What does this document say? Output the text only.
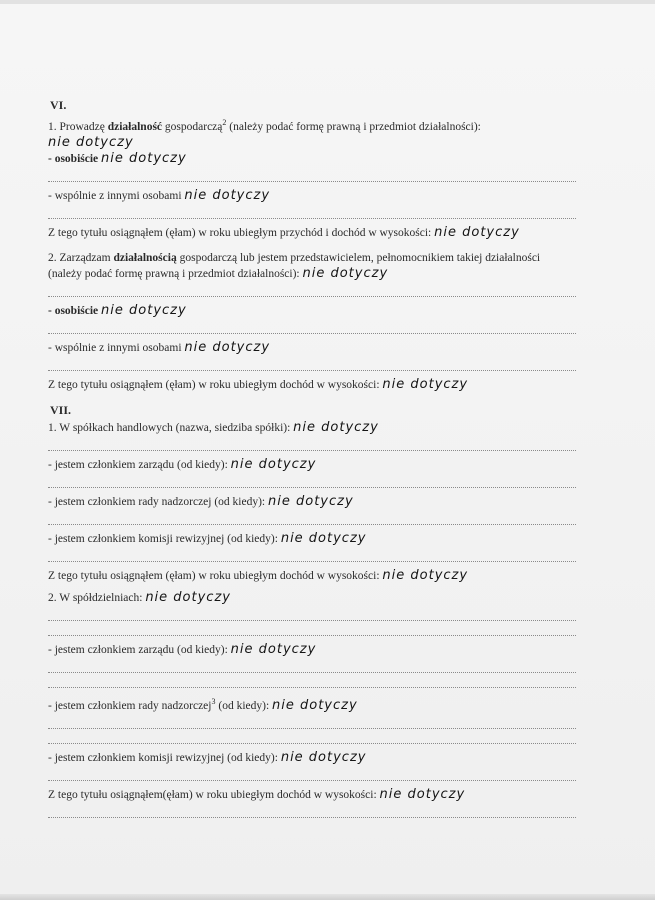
VI.
1. Prowadzę działalność gospodarczą$^2$ (należy podać formę prawną i przedmiot działalności):
nie dotyczy
- osobiście nie dotyczy
- wspólnie z innymi osobami nie dotyczy
Z tego tytułu osiągnąłem (ęłam) w roku ubiegłym przychód i dochód w wysokości: nie dotyczy
2. Zarządzam działalnością gospodarczą lub jestem przedstawicielem, pełnomocnikiem takiej działalności
(należy podać formę prawną i przedmiot działalności): nie dotyczy
- osobiście nie dotyczy
- wspólnie z innymi osobami nie dotyczy
Z tego tytułu osiągnąłem (ęłam) w roku ubiegłym dochód w wysokości: nie dotyczy
VII.
1. W spółkach handlowych (nazwa, siedziba spółki): nie dotyczy
- jestem członkiem zarządu (od kiedy): nie dotyczy
- jestem członkiem rady nadzorczej (od kiedy): nie dotyczy
- jestem członkiem komisji rewizyjnej (od kiedy): nie dotyczy
Z tego tytułu osiągnąłem (ęłam) w roku ubiegłym dochód w wysokości: nie dotyczy
2. W spółdzielniach: nie dotyczy
- jestem członkiem zarządu (od kiedy): nie dotyczy
- jestem członkiem rady nadzorczej$^3$ (od kiedy): nie dotyczy
- jestem członkiem komisji rewizyjnej (od kiedy): nie dotyczy
Z tego tytułu osiągnąłem(ęłam) w roku ubiegłym dochód w wysokości: nie dotyczy
